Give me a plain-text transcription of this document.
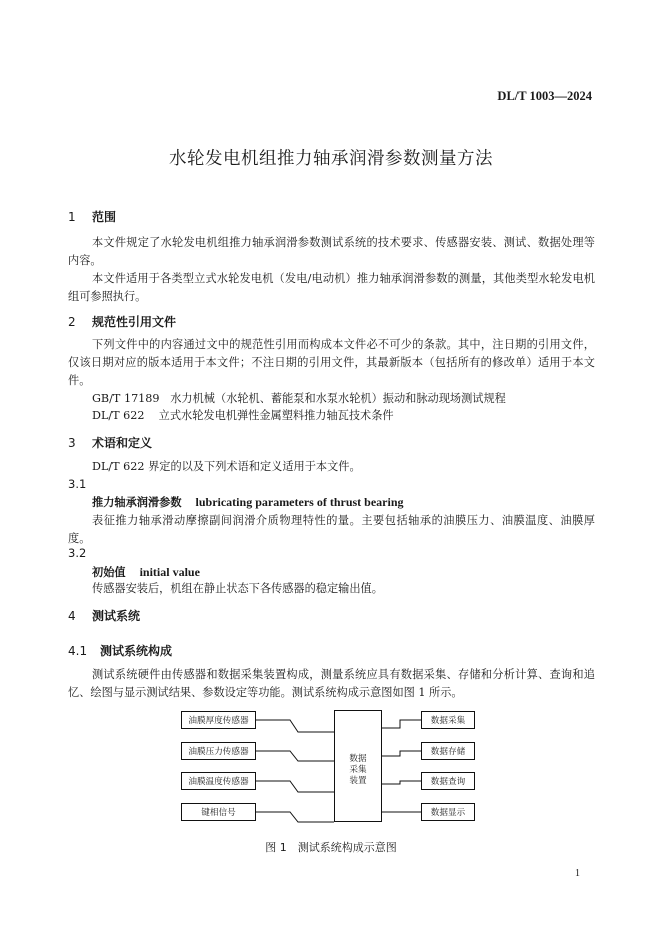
DL/T 1003—2024
水轮发电机组推力轴承润滑参数测量方法
1 范围
本文件规定了水轮发电机组推力轴承润滑参数测试系统的技术要求、传感器安装、测试、数据处理等内容。
本文件适用于各类型立式水轮发电机（发电/电动机）推力轴承润滑参数的测量，其他类型水轮发电机组可参照执行。
2 规范性引用文件
下列文件中的内容通过文中的规范性引用而构成本文件必不可少的条款。其中，注日期的引用文件，仅该日期对应的版本适用于本文件；不注日期的引用文件，其最新版本（包括所有的修改单）适用于本文件。
GB/T 17189 水力机械（水轮机、蓄能泵和水泵水轮机）振动和脉动现场测试规程
DL/T 622 立式水轮发电机弹性金属塑料推力轴瓦技术条件
3 术语和定义
DL/T 622 界定的以及下列术语和定义适用于本文件。
3.1
推力轴承润滑参数 lubricating parameters of thrust bearing
表征推力轴承滑动摩擦副间润滑介质物理特性的量。主要包括轴承的油膜压力、油膜温度、油膜厚度。
3.2
初始值 initial value
传感器安装后，机组在静止状态下各传感器的稳定输出值。
4 测试系统
4.1 测试系统构成
测试系统硬件由传感器和数据采集装置构成，测量系统应具有数据采集、存储和分析计算、查询和追忆、绘图与显示测试结果、参数设定等功能。测试系统构成示意图如图 1 所示。
油膜厚度传感器
油膜压力传感器
油膜温度传感器
键相信号
数据
采集
装置
数据采集
数据存储
数据查询
数据显示
图 1　测试系统构成示意图
1
